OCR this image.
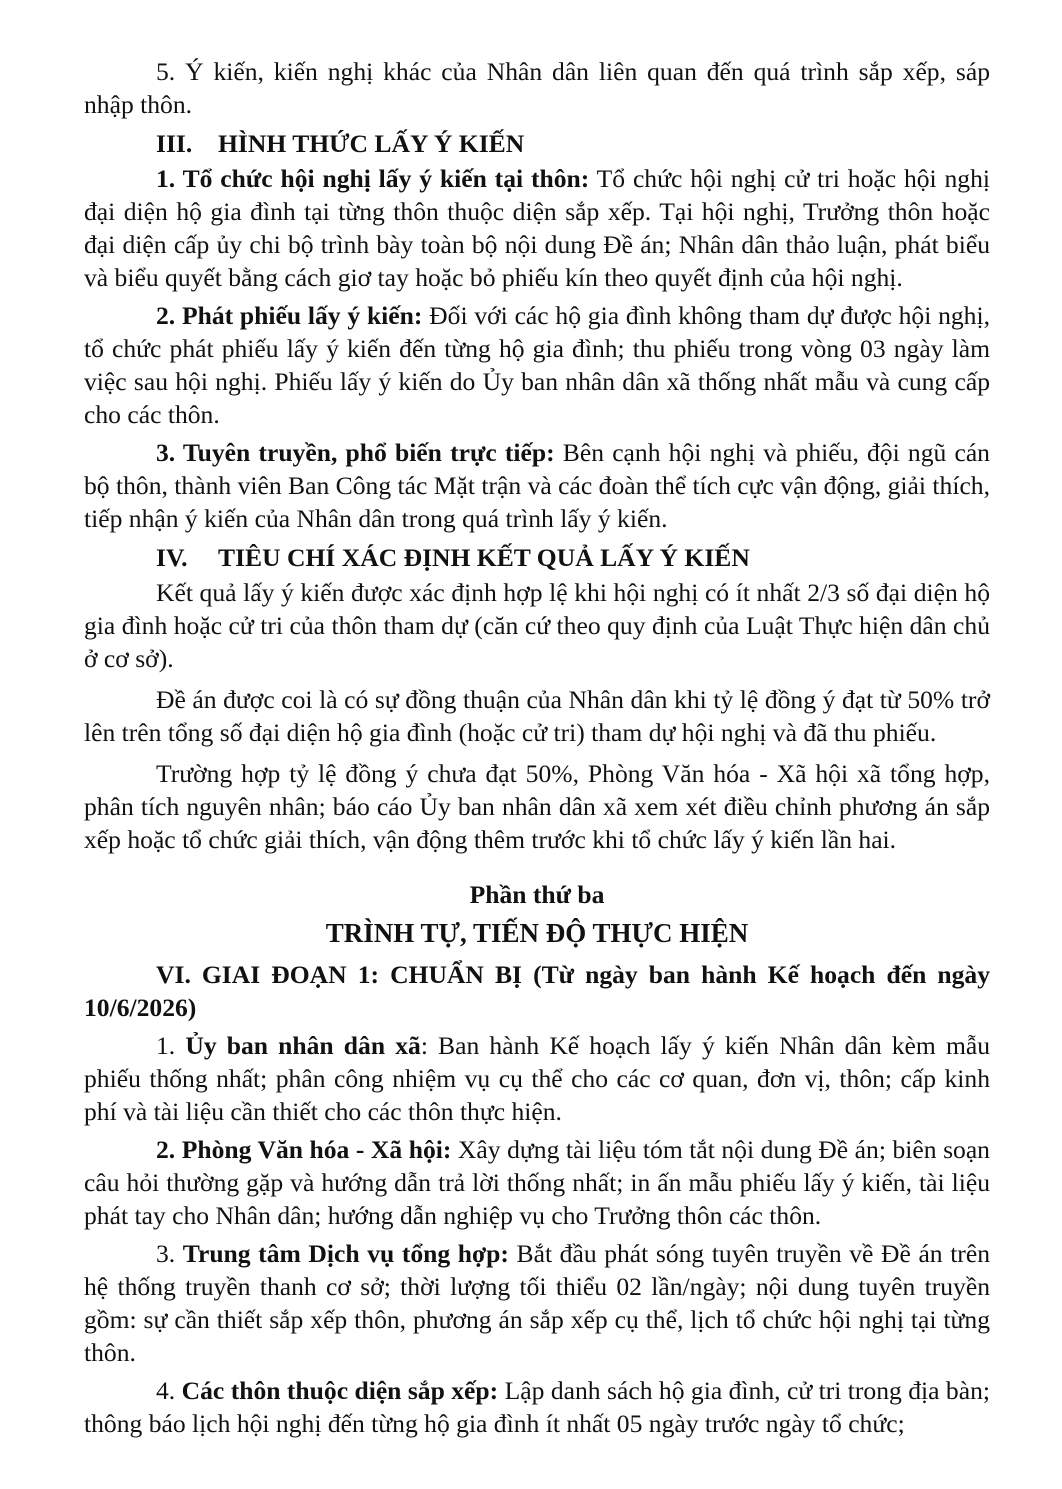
5. Ý kiến, kiến nghị khác của Nhân dân liên quan đến quá trình sắp xếp, sáp nhập thôn.

III. HÌNH THỨC LẤY Ý KIẾN

1. Tổ chức hội nghị lấy ý kiến tại thôn: Tổ chức hội nghị cử tri hoặc hội nghị đại diện hộ gia đình tại từng thôn thuộc diện sắp xếp. Tại hội nghị, Trưởng thôn hoặc đại diện cấp ủy chi bộ trình bày toàn bộ nội dung Đề án; Nhân dân thảo luận, phát biểu và biểu quyết bằng cách giơ tay hoặc bỏ phiếu kín theo quyết định của hội nghị.

2. Phát phiếu lấy ý kiến: Đối với các hộ gia đình không tham dự được hội nghị, tổ chức phát phiếu lấy ý kiến đến từng hộ gia đình; thu phiếu trong vòng 03 ngày làm việc sau hội nghị. Phiếu lấy ý kiến do Ủy ban nhân dân xã thống nhất mẫu và cung cấp cho các thôn.

3. Tuyên truyền, phổ biến trực tiếp: Bên cạnh hội nghị và phiếu, đội ngũ cán bộ thôn, thành viên Ban Công tác Mặt trận và các đoàn thể tích cực vận động, giải thích, tiếp nhận ý kiến của Nhân dân trong quá trình lấy ý kiến.

IV. TIÊU CHÍ XÁC ĐỊNH KẾT QUẢ LẤY Ý KIẾN

Kết quả lấy ý kiến được xác định hợp lệ khi hội nghị có ít nhất 2/3 số đại diện hộ gia đình hoặc cử tri của thôn tham dự (căn cứ theo quy định của Luật Thực hiện dân chủ ở cơ sở).

Đề án được coi là có sự đồng thuận của Nhân dân khi tỷ lệ đồng ý đạt từ 50% trở lên trên tổng số đại diện hộ gia đình (hoặc cử tri) tham dự hội nghị và đã thu phiếu.

Trường hợp tỷ lệ đồng ý chưa đạt 50%, Phòng Văn hóa - Xã hội xã tổng hợp, phân tích nguyên nhân; báo cáo Ủy ban nhân dân xã xem xét điều chỉnh phương án sắp xếp hoặc tổ chức giải thích, vận động thêm trước khi tổ chức lấy ý kiến lần hai.

Phần thứ ba
TRÌNH TỰ, TIẾN ĐỘ THỰC HIỆN

VI. GIAI ĐOẠN 1: CHUẨN BỊ (Từ ngày ban hành Kế hoạch đến ngày 10/6/2026)

1. Ủy ban nhân dân xã: Ban hành Kế hoạch lấy ý kiến Nhân dân kèm mẫu phiếu thống nhất; phân công nhiệm vụ cụ thể cho các cơ quan, đơn vị, thôn; cấp kinh phí và tài liệu cần thiết cho các thôn thực hiện.

2. Phòng Văn hóa - Xã hội: Xây dựng tài liệu tóm tắt nội dung Đề án; biên soạn câu hỏi thường gặp và hướng dẫn trả lời thống nhất; in ấn mẫu phiếu lấy ý kiến, tài liệu phát tay cho Nhân dân; hướng dẫn nghiệp vụ cho Trưởng thôn các thôn.

3. Trung tâm Dịch vụ tổng hợp: Bắt đầu phát sóng tuyên truyền về Đề án trên hệ thống truyền thanh cơ sở; thời lượng tối thiểu 02 lần/ngày; nội dung tuyên truyền gồm: sự cần thiết sắp xếp thôn, phương án sắp xếp cụ thể, lịch tổ chức hội nghị tại từng thôn.

4. Các thôn thuộc diện sắp xếp: Lập danh sách hộ gia đình, cử tri trong địa bàn; thông báo lịch hội nghị đến từng hộ gia đình ít nhất 05 ngày trước ngày tổ chức;
